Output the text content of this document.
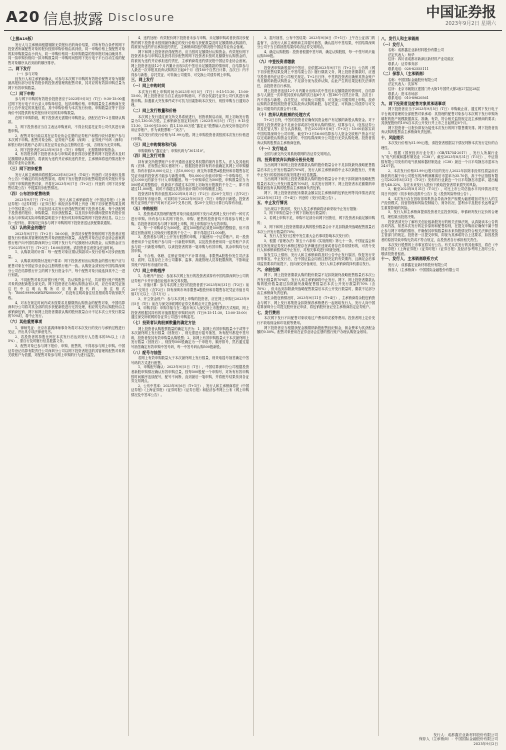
A20 信息披露 Disclosure	中国证券报
2023年9月2日 星期六
（上接A19版）
发行人与主承销商根据剔除无效报价后的询价结果，对所有符合条件的网下投资者所属配售对象的报价按照申购价格由高到低、同一申购价格上按配售对象的拟申购数量由小到大、同一申购价格同一拟申购数量的按申报时间由晚到早、同一拟申购价格同一拟申购数量同一申购时间按网下发行电子平台自动生成的配售对象顺序从后到前的顺序排序。
二、网下发行
（一）参与对象
经发行人和主承销商确认，可参与本次网下申购的有效报价配售对象为剔除最高报价部分后有效报价的投资者管理的配售对象，其对应的有效拟申购总量为网下有效申购数量。
（二）网下申购
参与网下申购的有效报价投资者应于2023年9月5日（T日）9:30-15:00通过网下发行电子平台录入申购单信息，包括申购价格、申购数量及主承销商在发行公告中规定的其他信息。其中申购价格为本次发行价格。申购数量应等于初步询价中其提供的有效报价所对应的拟申购数量。
在网下申购阶段，网下投资者无需缴付申购资金，获配后在T+2日缴纳认购款。
1、网下投资者应当自主表达申购意向，不得全权委托证券公司代其进行新股申购。
2、配售对象只能以其在证券业协会注册的证券账户和银行收付款账户参与本次网下申购。配售对象全称、证券账户名称（深圳）、证券账户号码（深圳）和银行收付款账户必须与其在证券业协会注册的信息一致，否则视为无效申购。
3、网下投资者在2023年9月5日（T日）申购时，无需缴纳申购资金。
4、有效报价网下投资者未参与申购或者获得初步配售的网下投资者未及时足额缴纳认购款的，将被视为违约并应承担违约责任，主承销商将违约情况报中国证券业协会备案。
（三）网下初步配售
发行人和主承销商将根据2023年8月29日（T-4日）刊登的《初步询价及推介公告》中确定的初步配售原则，将网下发行股票初步配售给提供有效报价并参与网下申购的配售对象，并将在2023年9月7日（T+2日）刊登的《网下初步配售结果公告》中披露初步配售情况。
（四）公布初步配售结果
2023年9月7日（T+2日），发行人和主承销商将在《中国证券报》《上海证券报》《证券时报》《证券日报》和经济参考网上刊登《网下初步配售结果及网上中签结果公告》，内容包括本次发行获得配售的网下投资者名称、每个获配网下投资者的报价、申购数量、初步获配数量，以及初步询价期间提供有效报价但未参与申购或实际申购数量明显少于报价时拟申购量的网下投资者信息。以上公告一经刊出，即视同已向参与网下申购的网下投资者送达获配缴款通知。
（五）认购资金的缴付
2023年9月7日（T+2日）16:00前，获得初步配售资格的网下投资者应根据发行价格和其管理的配售对象获配股份数量，从配售对象在证券业协会备案的银行账户向中国结算深圳分公司网下发行专户足额划付认购资金，认购资金应当于2023年9月7日（T+2日）16:00前到账。请投资者注意资金在途时间。
1、认购款项的计算：每一配售对象应缴认购款项=发行价格×初步获配数量。
2、认购款项的缴付及账户要求：网下投资者划出认购资金的银行账户应与配售对象在中国证券业协会注册的银行账户一致。认购资金须划至中国结算深圳分公司在结算银行开立的网下发行资金专户，每个配售对象只能选择其中之一进行划款。
3、不同配售对象共用银行账户的，若认购资金不足，共用银行账户的配售对象的获配新股全部无效。网下投资者在办理认购资金划入时，应在付款凭证备注栏中注明认购所对应的新股代码，备注格式为：“B001999906WXFX000000”，若没有注明或备注信息错误将导致划款失败。
4、对未在规定时间内或未按要求足额缴纳认购资金的配售对象，中国结算深圳分公司将对其全部的初步获配新股进行无效处理，相应的无效认购股份由主承销商包销，网下和网上投资者缴款认购的股份数量合计不足本次公开发行数量的70%时，将中止发行。
（六）其他重要事项
1、律师见证：北京市嘉源律师事务所将对本次发行的发行与承销过程进行见证，并出具专项法律意见书。
2、若投资者的持股比例在本次发行后达到发行人总股本的5%以上（含5%），需自行及时履行信息披露义务。
3、配售对象已参与网下报价、申购、配售的，不得再参与网上申购。中国证券登记结算有限责任公司深圳分公司以网下投资者报送的其管理的配售对象的关联账户为依据，对配售对象参与网上申购的行为进行监控。
4、违约处理：有效报价网下投资者未参与申购、未足额申购或者获得初步配售的网下投资者未按照最终确定的发行价格与获配数量及时足额缴纳认购款的，将被视为违约并应承担违约责任，主承销商将违约情况报中国证券业协会备案。
网下和网上投资者获得配售后，应当按时足额缴付认购资金。有效报价网下投资者未参与申购以及获得初步配售的网下投资者未按时足额缴付认购资金的，将被视为违约并应承担违约责任，主承销商将违约情况报中国证券业协会备案。网上投资者连续12个月内累计出现3次中签后未足额缴款的情形时，自结算参与人最近一次申报其放弃认购的次日起6个月（按180个自然日计算，含次日）内不得参与新股、存托凭证、可转换公司债券、可交换公司债券网上申购。
三、网上发行
（一）网上申购时间
本次发行网上申购时间为2023年9月5日（T日）9:15-11:30、13:00-15:00。网上投资者应当自主表达申购意向，不得全权委托证券公司代其进行新股申购。如遇重大突发事件或不可抗力因素影响本次发行，则按申购当日通知办理。
（二）网上发行数量和价格
本次网上发行通过深交所交易系统进行，回拨机制启动前，网上初始发行数量为1,130.05万股。主承销商在指定时间内（2023年9月5日（T日）9:15至11:30，13:00至15:00）将1,130.05万股“鑫宏业”股票输入在深交所指定的专用证券账户，作为该股票唯一“卖方”。
本次发行的发行价格为51.99元/股。网上申购投资者须按照本次发行价格进行申购。
（三）网上申购简称和代码
申购简称为“鑫宏业”；申购代码为“301310”。
（四）网上发行对象
持有深交所股票账户卡并开通创业板交易权限的境内自然人、法人及其他机构（法律、法规禁止购买者除外）。根据投资者持有的市值确定其网上可申购额度，持有市值10,000元以上（含10,000元）深交所非限售A股股份和非限售存托凭证市值的投资者才能参与新股申购，每5,000元市值可申购一个申购单位，不足5,000元的部分不计入申购额度。每一个申购单位为500股，申购数量应当为500股或其整数倍，但最高不得超过本次网上初始发行股数的千分之一，即不得超过11,000股，同时不得超过其按市值计算的可申购额度上限。
投资者持有的市值按其2023年8月31日（T-2日）前20个交易日（含T-2日）的日均持有市值计算，可同时用于2023年9月5日（T日）申购多只新股。投资者相关证券账户开户时间不足20个交易日的，按20个交易日计算日均持有市值。
（五）申购规则
1、投资者或其管理的配售对象只能选择网下发行或者网上发行中的一种方式进行申购。所有参与本次网下报价、申购、配售的投资者均不得再参与网上申购。若投资者同时参与网下和网上申购，网上申购部分为无效申购。
2、每一个申购单位为500股，超过500股的必须是500股的整数倍，但不得超过回拨前网上初始发行股数的千分之一，即不得超过11,000股。
3、投资者参与网上公开发行股票的申购，只能使用一个证券账户。同一投资者使用多个证券账户参与同一只新股申购的，以及投资者使用同一证券账户多次参与同一只新股申购的，以该投资者的第一笔申购为有效申购，其余申购均为无效申购。
4、不合格、休眠、注销证券账户不计算市值。非限售A股股份发生司法冻结、质押，以及存在上市公司董事、监事、高级管理人员持股限制的，不影响证券账户内持有市值的计算。
（六）网上申购程序
1、办理开户登记：参加本次网上发行的投资者须持有中国结算深圳分公司的证券账户卡并开通创业板市场交易权限。
2、市值计算：参与本次网上发行的投资者需于2023年8月31日（T-2日）前20个交易日（含T-2日）持有深圳市场非限售A股股份和非限售存托凭证市值日均值1万元以上（含1万元）。
3、开立资金账户：参与本次网上申购的投资者，应在网上申购日2023年9月5日（T日）前在与深交所联网的证券交易网点开立资金账户。
4、申购手续：申购手续与在二级市场买入深交所上市股票的方式相同，网上投资者根据其持有的市值数据在申购时间内（T日9:15-11:30，13:00-15:00）通过深交所联网的各证券公司进行申购委托。
（七）投资者认购股票数量的确定方法
网上投资者认购股票数量的确定方法为：1、如网上有效申购数量小于或等于本次最终网上发行数量（回拨后），则无需进行摇号抽签，所有配号都是中签号码，投资者按其有效申购量认购股票；2、如网上有效申购数量大于本次最终网上发行数量（回拨后），则按每500股确定为一个申报号，顺序排号，然后通过摇号抽签确定有效申购中签号码，每一中签号码认购500股新股。
（八）配号与抽签
若网上有效申购数量大于本次最终网上发行数量，则采取摇号抽签确定中签号码的方式进行配售。
1、申购配号确认：2023年9月5日（T日），中国结算深圳分公司根据投资者新股申购情况确认有效申购总量，按每500股配一个申购号，对所有有效申购按时间顺序连续配号，配号不间断，直到最后一笔申购，并将配号结果传到各证券交易网点。
2、公布中签率：2023年9月6日（T+1日），发行人和主承销商将在《中国证券报》《上海证券报》《证券时报》《证券日报》和经济参考网上公布《网上申购情况及中签率公告》。
3、摇号抽签、公布中签结果：2023年9月6日（T+1日）上午在公证部门的监督下，由发行人和主承销商主持摇号抽签，确认摇号中签结果，中国结算深圳分公司于当日将抽签结果传给各证券交易网点。
4、确定认购股数：投资者根据中签号码，确定认购股数，每一中签号码只能认购500股。
（九）中签投资者缴款
投资者申购新股摇号中签后，应依据2023年9月7日（T+2日）公告的《网下初步配售结果及网上中签结果公告》履行缴款义务，网上投资者缴款时，应遵守投资者所在证券公司相关规定。T+2日日终，中签的投资者应确保其资金账户有足额的新股认购资金，不足部分视为放弃认购，由此产生的后果及相关法律责任，由投资者自行承担。
网上投资者连续12个月内累计出现3次中签后未足额缴款的情形时，自结算参与人最近一次申报其放弃认购的次日起6个月（按180个自然日计算，含次日）内不得参与新股、存托凭证、可转换公司债券、可交换公司债券网上申购。放弃认购的次数按照投资者实际放弃认购的新股、存托凭证、可转换公司债券与可交换公司债券的次数合并计算。
（十）放弃认购股票的处理方式
T+2日日终，中签的投资者应确保其资金账户有足额的新股认购资金。对于因网上投资者资金不足而全部或部分放弃认购的情况，结算参与人（包括证券公司及托管人等）应当认真核验，并在2023年9月8日（T+3日）15:00前如实向中国结算深圳分公司申报。截至T+3日16:00结算参与人资金交收账户资金不足以完成新股认购资金交收的，中国结算深圳分公司进行无效认购处理。投资者放弃认购的股票由主承销商包销。
（十一）发行地点
全国与深交所交易系统联网的各证券交易网点。
四、投资者放弃认购部分股份处理
当出现网下和网上投资者缴款认购的股份数量合计不足扣除最终战略配售数量后本次公开发行数量的70%时，发行人和主承销商将中止本次新股发行，并就中止发行的原因和后续安排进行信息披露。
当出现网下和网上投资者缴款认购的股份数量合计不低于扣除最终战略配售数量后本次公开发行数量的70%时，本次发行因网下、网上投资者未足额缴纳申购款而放弃认购的股票由主承销商负责包销。
网下、网上投资者获配未缴款金额以及主承销商的包销比例等具体情况请见2023年9月11日（T+4日）刊登的《发行结果公告》。
五、中止发行情况
当出现以下情况时，发行人及主承销商将协商采取中止发行措施：
1、网下申购总量小于网下初始发行数量的；
2、若网上申购不足，申购不足部分向网下回拨后，网下投资者未能足额申购的；
3、网下和网上投资者缴款认购的股份数量合计不足扣除最终战略配售数量后本次公开发行数量的70%；
4、发行人在发行过程中发生重大会后事项影响本次发行的；
5、根据《管理办法》第五十六条和《实施细则》第七十一条，中国证监会和深交所发现证券发行承销过程存在涉嫌违法违规或者存在异常情形的，可责令发行人和承销商暂停或中止发行，对相关事项进行调查处理。
如发生以上情形，发行人和主承销商将及时公告中止发行原因、恢复发行安排等事宜。中止发行后，在中国证监会同意注册决定的有效期内，且满足会后事项监管要求的前提下，经向深交所备案后，发行人和主承销商将择机重启发行。
六、余股包销
网下、网上投资者缴款认购的股份数量不足扣除最终战略配售数量后本次公开发行数量的70%时，发行人和主承销商将中止发行。网下、网上投资者缴款认购的股份数量超过扣除最终战略配售数量后本次公开发行数量的70%（含70%），但未达到扣除最终战略配售数量后本次公开发行数量时，缴款不足部分由主承销商负责包销。
发生余股包销情况时，2023年9月11日（T+4日），主承销商将余股包销资金与网下、网上发行募集资金扣除保荐承销费后一起划给发行人，发行人向中国结算深圳分公司提交股份登记申请，将包销股份登记至主承销商指定证券账户。
七、发行费用
本次网下发行不向配售对象收取过户费和印花税等费用。投资者网上定价发行不收取佣金和印花税等费用。
网下投资者应当根据获配金额缴纳新股配售经纪佣金，佣金费率为其获配金额的0.50%。配售对象使用在证券业协会注册的银行账户办理认购资金划转。
八、发行人和主承销商
（一）发行人
名称：成都鑫宏业新材料股份有限公司
法定代表人：杨华
住所：四川省成都市新津区新材料产业功能区
联系人：证券事务部
联系电话：028-82555111
（二）保荐人（主承销商）
名称：中国国际金融股份有限公司
法定代表人：沈如军
住所：北京市朝阳区建国门外大街1号国贸大厦2座27层及28层
联系人：资本市场部
联系电话：010-89620561
九、网下投资者及配售对象须承诺事项
网下投资者应当于2023年9月5日（T日）申购截止前，通过网下发行电子平台就其管理的全部配售对象承诺：其管理的配售对象参与本次网下发行申购所填报的资产规模数据真实、准确、有效，符合相关监管规定及主承销商的要求；其获配股份的10%自本次公开发行并上市之日起锁定6个月。
网下投资者一旦报价即视为接受本次发行的网下限售期安排。网下投资者放弃认购的股票由主承销商负责包销。
十、风险提示
本次发行价格为51.99元/股，请投资者根据以下情况判断本次发行定价的合理性。
1、根据《国民经济行业分类》（GB/T4754-2017），发行人所属行业为“电气机械和器材制造业（C38）”。截至2023年8月31日（T-3日），中证指数有限公司发布的电气机械和器材制造业（C38）最近一个月平均静态市盈率为24.07倍。
2、本次发行价格51.99元/股对应的发行人2022年扣除非经常性损益前后孰低的归属于母公司股东的净利润摊薄后市盈率为35.70倍，高于中证指数有限公司2023年8月31日（T-3日）发布的行业最近一个月平均静态市盈率，超出幅度为48.32%，存在未来发行人股价下跌给投资者带来损失的风险。
3、截至2023年8月31日（T-3日），可比上市公司估值水平具体情况详见同日刊登的《初步询价及推介公告》及《投资风险特别公告》。
4、本次发行存在因取得募集资金导致净资产规模大幅度增加对发行人的生产经营模式、经营管理和风险控制能力、财务状况、盈利水平及股东长远利益产生重要影响的风险。
5、发行人和主承销商提请投资者关注投资风险，审慎研判发行定价的合理性，理性做出投资决策。
投资者须充分了解有关创业板新股发行的相关法律法规，认真阅读本公告的各项内容，知悉本次发行的定价原则和配售原则，在提交申购前应确保不属于禁止参与网下申购的情形，并确保其申购数量和未来持股情况符合相关法律法规及主管部门的规定。投资者一旦提交申购，即视为其承诺符合上述要求，如因投资者的原因导致申购无效或不符合规定，由投资者自行承担相关责任。
本次发行股票的上市事宜将另行公告。有关本次发行的其他事宜，将在《中国证券报》《上海证券报》《证券时报》《证券日报》及经济参考网上及时公告，敬请投资者留意。
十一、发行人、主承销商联系方式
发行人：成都鑫宏业新材料股份有限公司
保荐人（主承销商）：中国国际金融股份有限公司
发行人：成都鑫宏业新材料股份有限公司
保荐人（主承销商）：中国国际金融股份有限公司
2023年9月2日
